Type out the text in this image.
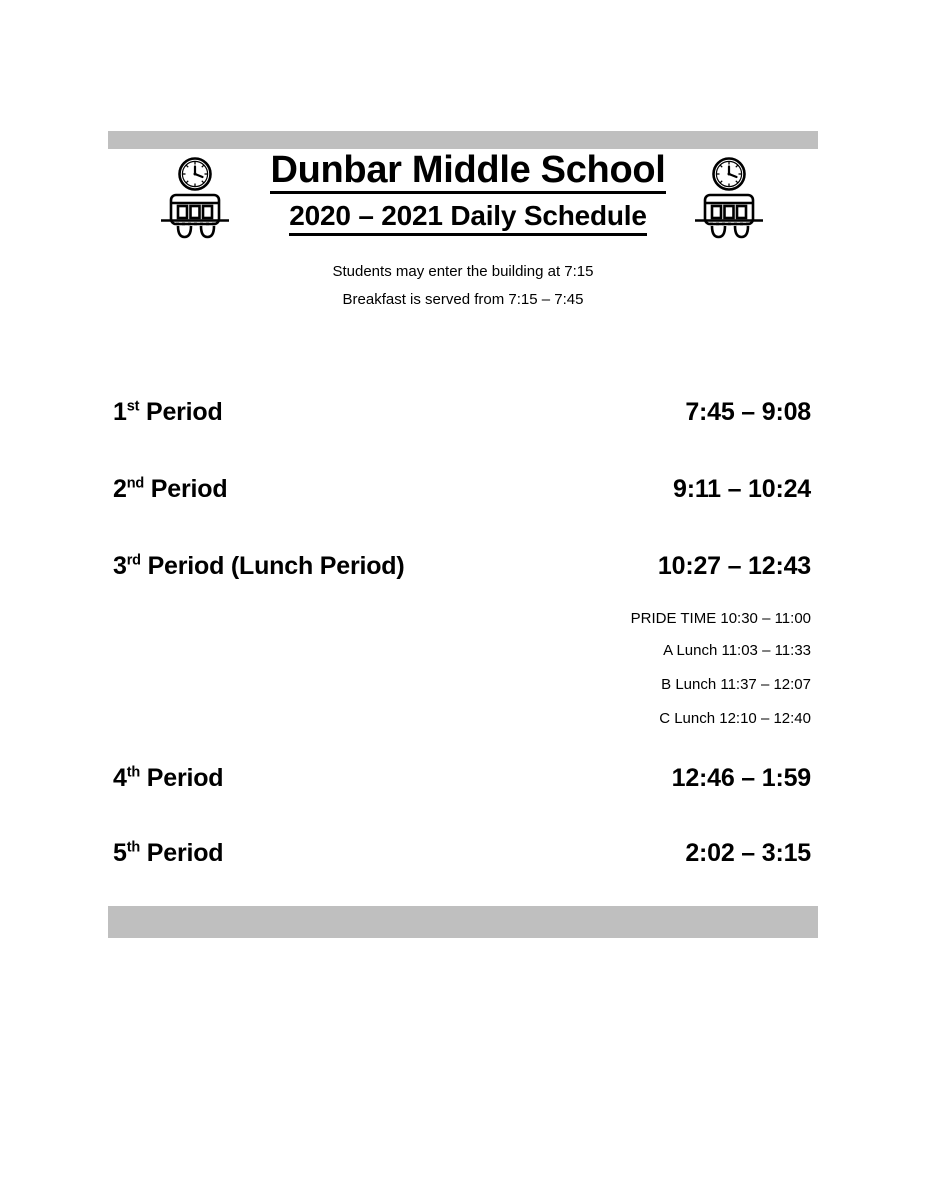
Dunbar Middle School
2020 – 2021 Daily Schedule
Students may enter the building at 7:15
Breakfast is served from 7:15 – 7:45
1st Period	7:45 – 9:08
2nd Period	9:11 – 10:24
3rd Period (Lunch Period)	10:27 – 12:43
PRIDE TIME 10:30 – 11:00
A Lunch 11:03 – 11:33
B Lunch 11:37 – 12:07
C Lunch 12:10 – 12:40
4th Period	12:46 – 1:59
5th Period	2:02 – 3:15
